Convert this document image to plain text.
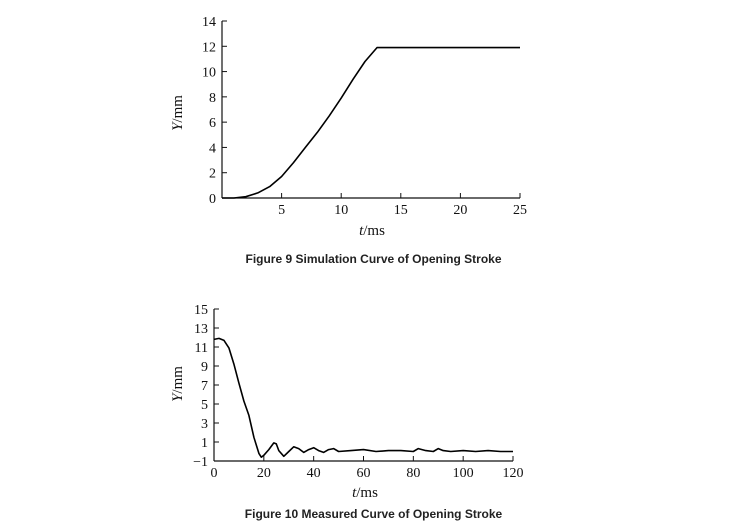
0
2
4
6
8
10
12
14
5	10	15	20	25
Y/mm
t/ms
−1
1
3
5
7
9
11
13
15
0	20	40	60	80 100 120
Y/mm
t/ms
Figure 9 Simulation Curve of Opening Stroke
Figure 10 Measured Curve of Opening Stroke
